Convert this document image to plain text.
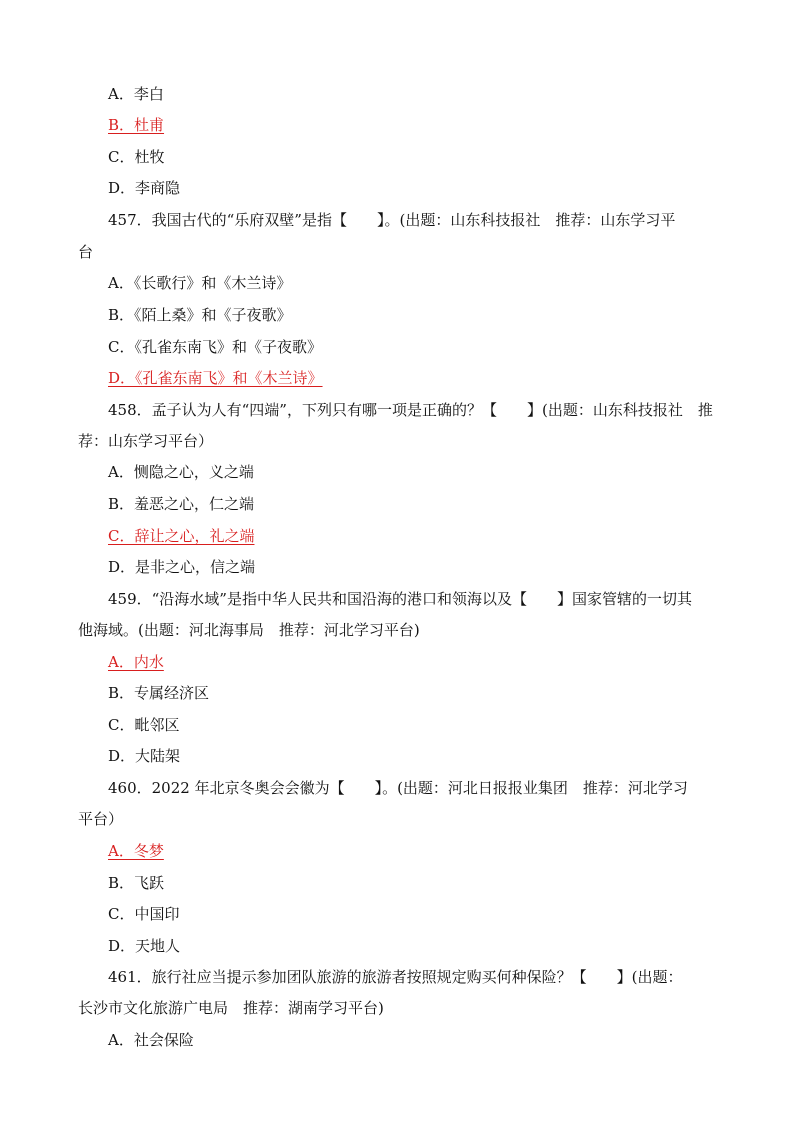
A．李白
B．杜甫
C．杜牧
D．李商隐
457．我国古代的“乐府双壁”是指【　　】。(出题：山东科技报社　推荐：山东学习平
台
A．《长歌行》和《木兰诗》
B．《陌上桑》和《子夜歌》
C．《孔雀东南飞》和《子夜歌》
D．《孔雀东南飞》和《木兰诗》
458．孟子认为人有“四端”，下列只有哪一项是正确的？【　　】(出题：山东科技报社　推
荐：山东学习平台）
A．恻隐之心，义之端
B．羞恶之心，仁之端
C．辞让之心，礼之端
D．是非之心，信之端
459．“沿海水域”是指中华人民共和国沿海的港口和领海以及【　　】国家管辖的一切其
他海域。(出题：河北海事局　推荐：河北学习平台)
A．内水
B．专属经济区
C．毗邻区
D．大陆架
460．2022 年北京冬奥会会徽为【　　】。(出题：河北日报报业集团　推荐：河北学习
平台）
A．冬梦
B．飞跃
C．中国印
D．天地人
461．旅行社应当提示参加团队旅游的旅游者按照规定购买何种保险？【　　】(出题：
长沙市文化旅游广电局　推荐：湖南学习平台)
A．社会保险
